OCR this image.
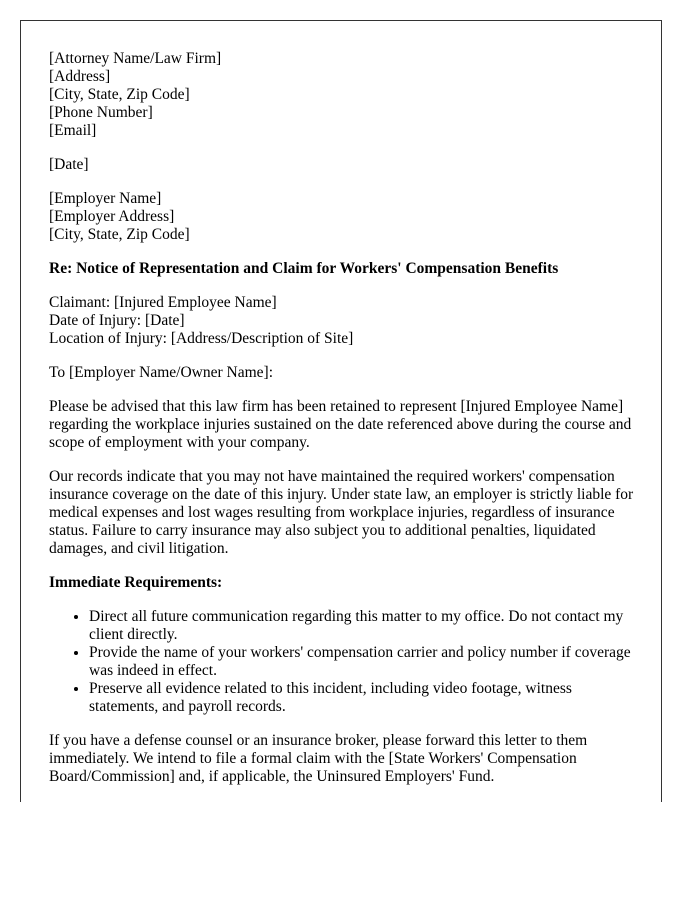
[Attorney Name/Law Firm]
[Address]
[City, State, Zip Code]
[Phone Number]
[Email]

[Date]

[Employer Name]
[Employer Address]
[City, State, Zip Code]

Re: Notice of Representation and Claim for Workers' Compensation Benefits

Claimant: [Injured Employee Name]
Date of Injury: [Date]
Location of Injury: [Address/Description of Site]

To [Employer Name/Owner Name]:

Please be advised that this law firm has been retained to represent [Injured Employee Name] regarding the workplace injuries sustained on the date referenced above during the course and scope of employment with your company.

Our records indicate that you may not have maintained the required workers' compensation insurance coverage on the date of this injury. Under state law, an employer is strictly liable for medical expenses and lost wages resulting from workplace injuries, regardless of insurance status. Failure to carry insurance may also subject you to additional penalties, liquidated damages, and civil litigation.

Immediate Requirements:

• Direct all future communication regarding this matter to my office. Do not contact my client directly.
• Provide the name of your workers' compensation carrier and policy number if coverage was indeed in effect.
• Preserve all evidence related to this incident, including video footage, witness statements, and payroll records.

If you have a defense counsel or an insurance broker, please forward this letter to them immediately. We intend to file a formal claim with the [State Workers' Compensation Board/Commission] and, if applicable, the Uninsured Employers' Fund.
